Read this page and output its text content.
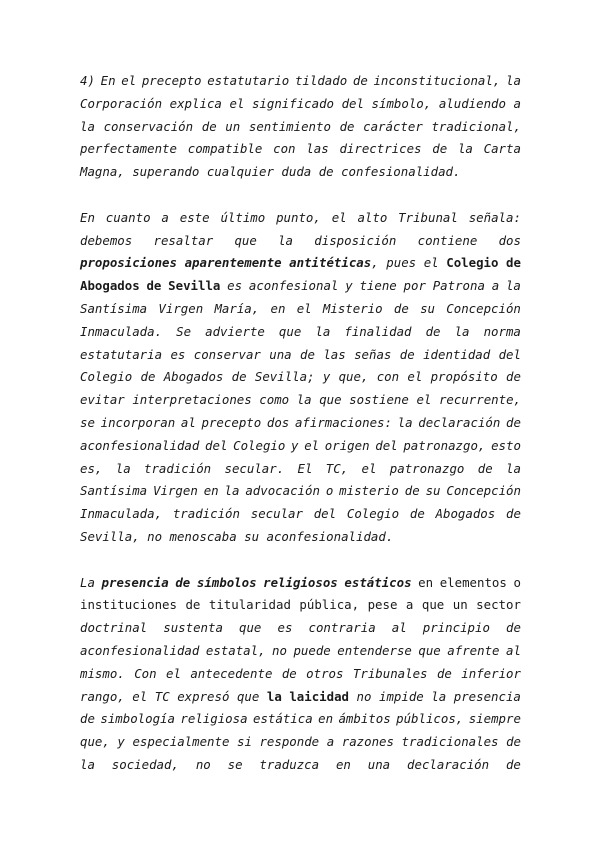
4) En el precepto estatutario tildado de inconstitucional, la
Corporación explica el significado del símbolo, aludiendo a
la conservación de un sentimiento de carácter tradicional,
perfectamente compatible con las directrices de la Carta
Magna, superando cualquier duda de confesionalidad.
En cuanto a este último punto, el alto Tribunal señala:
debemos resaltar que la disposición contiene dos
proposiciones aparentemente antitéticas, pues el Colegio de
Abogados de Sevilla es aconfesional y tiene por Patrona a la
Santísima Virgen María, en el Misterio de su Concepción
Inmaculada. Se advierte que la finalidad de la norma
estatutaria es conservar una de las señas de identidad del
Colegio de Abogados de Sevilla; y que, con el propósito de
evitar interpretaciones como la que sostiene el recurrente,
se incorporan al precepto dos afirmaciones: la declaración de
aconfesionalidad del Colegio y el origen del patronazgo, esto
es, la tradición secular. El TC, el patronazgo de la
Santísima Virgen en la advocación o misterio de su Concepción
Inmaculada, tradición secular del Colegio de Abogados de
Sevilla, no menoscaba su aconfesionalidad.
La presencia de símbolos religiosos estáticos en elementos o
instituciones de titularidad pública, pese a que un sector
doctrinal sustenta que es contraria al principio de
aconfesionalidad estatal, no puede entenderse que afrente al
mismo. Con el antecedente de otros Tribunales de inferior
rango, el TC expresó que la laicidad no impide la presencia
de simbología religiosa estática en ámbitos públicos, siempre
que, y especialmente si responde a razones tradicionales de
la sociedad, no se traduzca en una declaración de
